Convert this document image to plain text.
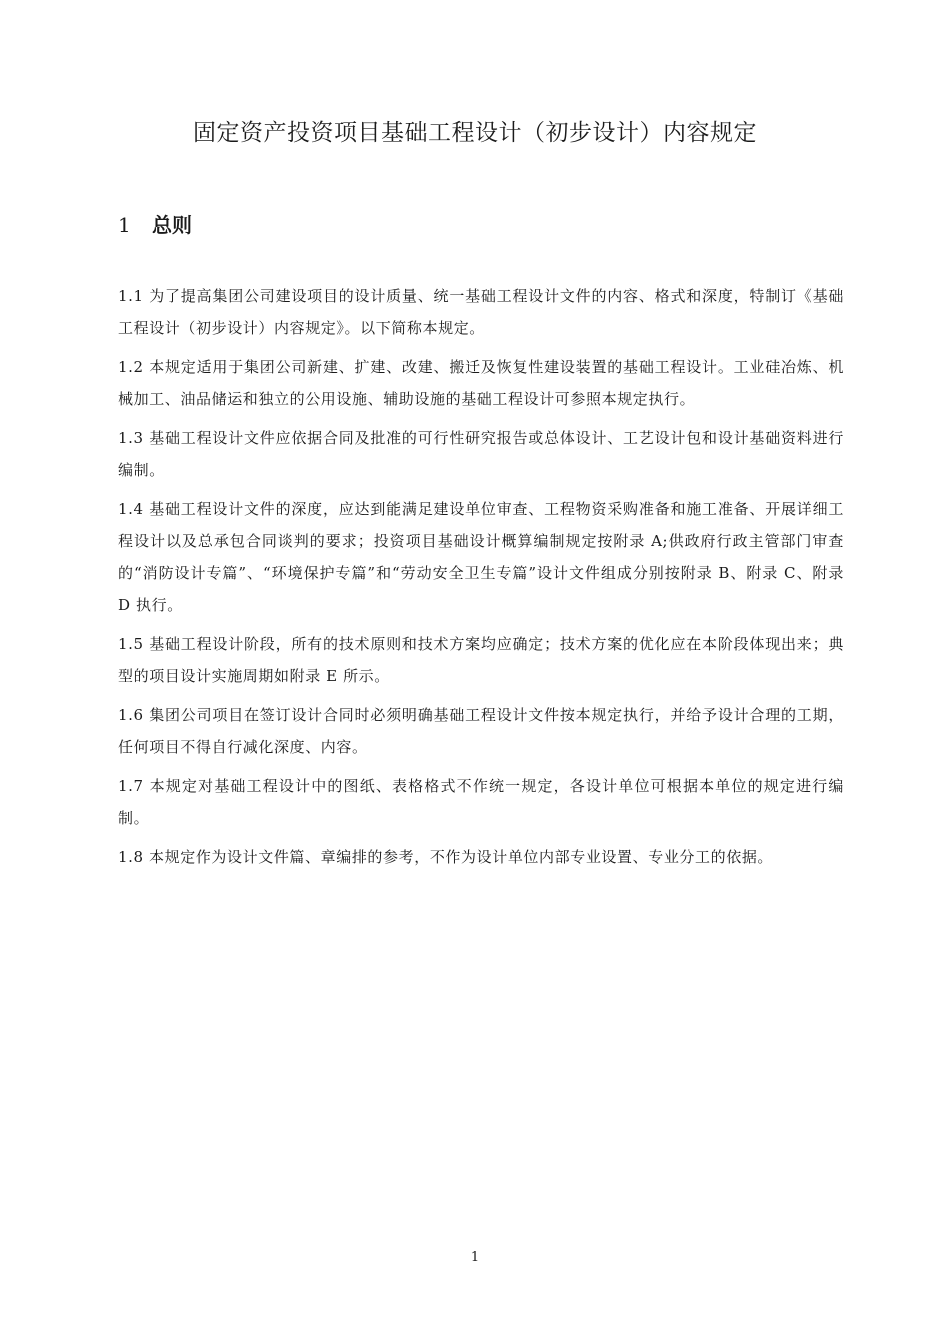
固定资产投资项目基础工程设计（初步设计）内容规定
1 总则

1.1 为了提高集团公司建设项目的设计质量、统一基础工程设计文件的内容、格式和深度，特制订《基础工程设计（初步设计）内容规定》。以下简称本规定。

1.2 本规定适用于集团公司新建、扩建、改建、搬迁及恢复性建设装置的基础工程设计。工业硅冶炼、机械加工、油品储运和独立的公用设施、辅助设施的基础工程设计可参照本规定执行。

1.3 基础工程设计文件应依据合同及批准的可行性研究报告或总体设计、工艺设计包和设计基础资料进行编制。

1.4 基础工程设计文件的深度，应达到能满足建设单位审查、工程物资采购准备和施工准备、开展详细工程设计以及总承包合同谈判的要求；投资项目基础设计概算编制规定按附录 A;供政府行政主管部门审查的“消防设计专篇”、“环境保护专篇”和“劳动安全卫生专篇”设计文件组成分别按附录 B、附录 C、附录 D 执行。

1.5 基础工程设计阶段，所有的技术原则和技术方案均应确定；技术方案的优化应在本阶段体现出来；典型的项目设计实施周期如附录 E 所示。

1.6 集团公司项目在签订设计合同时必须明确基础工程设计文件按本规定执行，并给予设计合理的工期，任何项目不得自行减化深度、内容。

1.7 本规定对基础工程设计中的图纸、表格格式不作统一规定，各设计单位可根据本单位的规定进行编制。

1.8 本规定作为设计文件篇、章编排的参考，不作为设计单位内部专业设置、专业分工的依据。

1
